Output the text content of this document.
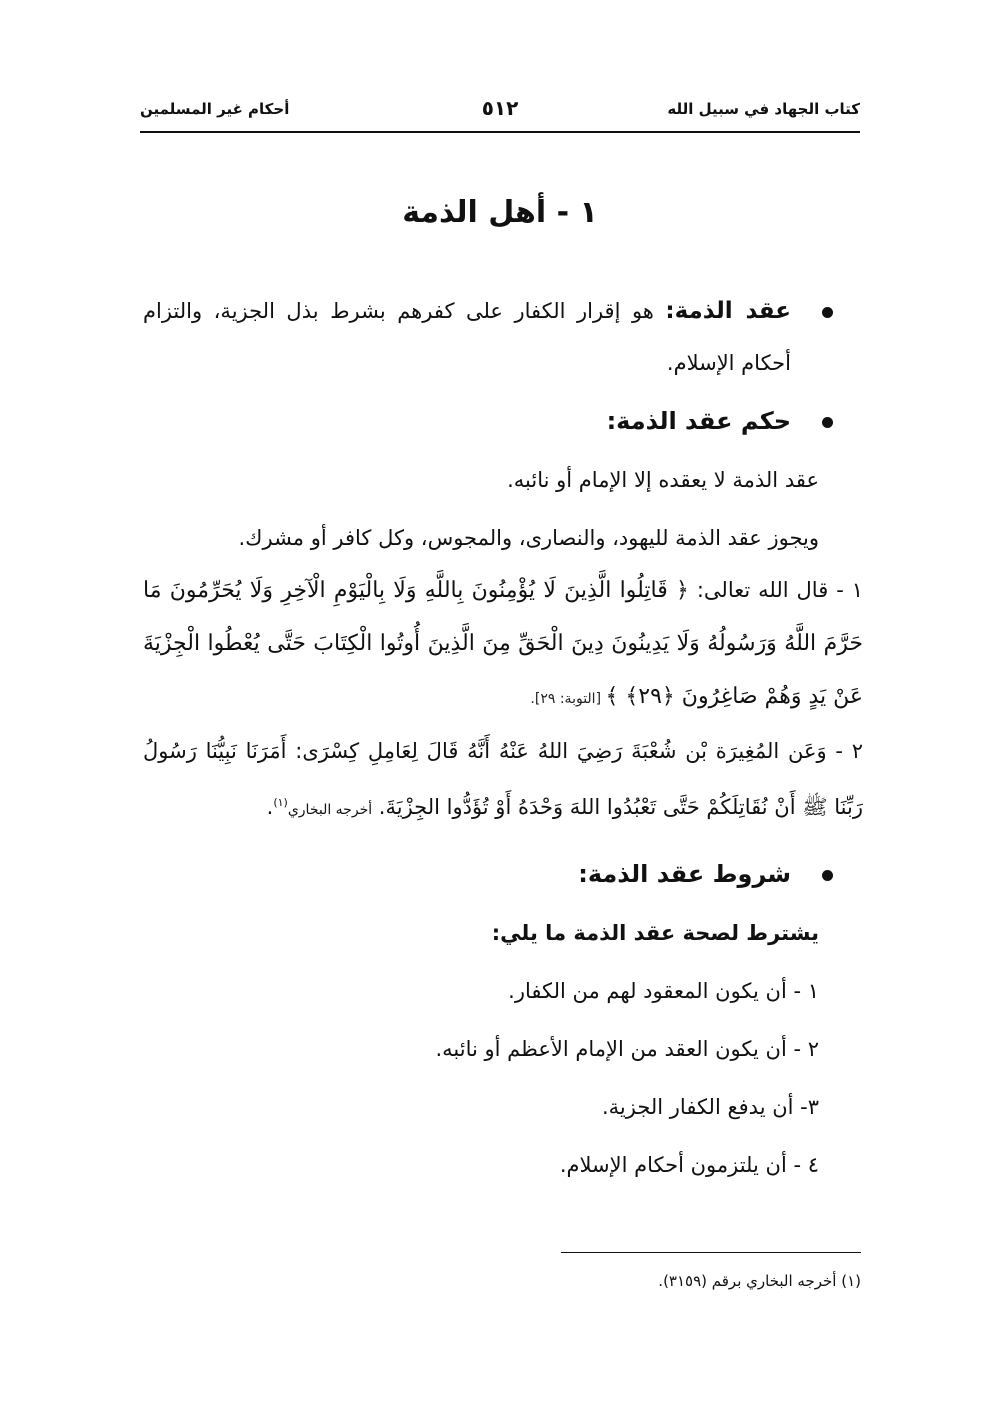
كتاب الجهاد في سبيل الله
٥١٢
أحكام غير المسلمين
١ - أهل الذمة

عقد الذمة: هو إقرار الكفار على كفرهم بشرط بذل الجزية، والتزام أحكام الإسلام.

حكم عقد الذمة:

عقد الذمة لا يعقده إلا الإمام أو نائبه.

ويجوز عقد الذمة لليهود، والنصارى، والمجوس، وكل كافر أو مشرك.

١ - قال الله تعالى: ﴿ قَاتِلُوا الَّذِينَ لَا يُؤْمِنُونَ بِاللَّهِ وَلَا بِالْيَوْمِ الْآخِرِ وَلَا يُحَرِّمُونَ مَا حَرَّمَ اللَّهُ وَرَسُولُهُ وَلَا يَدِينُونَ دِينَ الْحَقِّ مِنَ الَّذِينَ أُوتُوا الْكِتَابَ حَتَّى يُعْطُوا الْجِزْيَةَ عَنْ يَدٍ وَهُمْ صَاغِرُونَ ﴿٢٩﴾ ﴾ [التوبة: ٢٩].

٢ - وَعَن المُغِيرَة بْن شُعْبَةَ رَضِيَ اللهُ عَنْهُ أَنَّهُ قَالَ لِعَامِلِ كِسْرَى: أَمَرَنَا نَبِيُّنَا رَسُولُ رَبِّنَا ﷺ أَنْ نُقَاتِلَكُمْ حَتَّى تَعْبُدُوا اللهَ وَحْدَهُ أَوْ تُؤَدُّوا الجِزْيَةَ. أخرجه البخاري$^{(١)}$.

شروط عقد الذمة:

يشترط لصحة عقد الذمة ما يلي:

١ - أن يكون المعقود لهم من الكفار.

٢ - أن يكون العقد من الإمام الأعظم أو نائبه.

٣- أن يدفع الكفار الجزية.

٤ - أن يلتزمون أحكام الإسلام.

(١) أخرجه البخاري برقم (٣١٥٩).
